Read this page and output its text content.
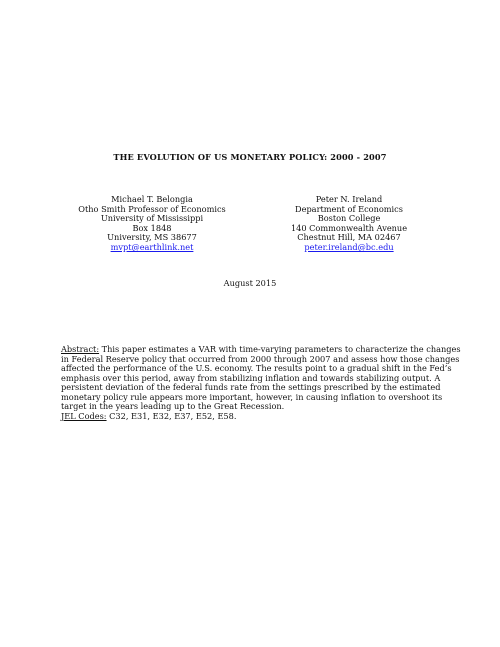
THE EVOLUTION OF US MONETARY POLICY: 2000 - 2007
Michael T. Belongia
Otho Smith Professor of Economics
University of Mississippi
Box 1848
University, MS 38677
mvpt@earthlink.net
Peter N. Ireland
Department of Economics
Boston College
140 Commonwealth Avenue
Chestnut Hill, MA 02467
peter.ireland@bc.edu
August 2015
Abstract: This paper estimates a VAR with time-varying parameters to characterize the changes
in Federal Reserve policy that occurred from 2000 through 2007 and assess how those changes
affected the performance of the U.S. economy. The results point to a gradual shift in the Fed’s
emphasis over this period, away from stabilizing inflation and towards stabilizing output. A
persistent deviation of the federal funds rate from the settings prescribed by the estimated
monetary policy rule appears more important, however, in causing inflation to overshoot its
target in the years leading up to the Great Recession.
JEL Codes: C32, E31, E32, E37, E52, E58.
